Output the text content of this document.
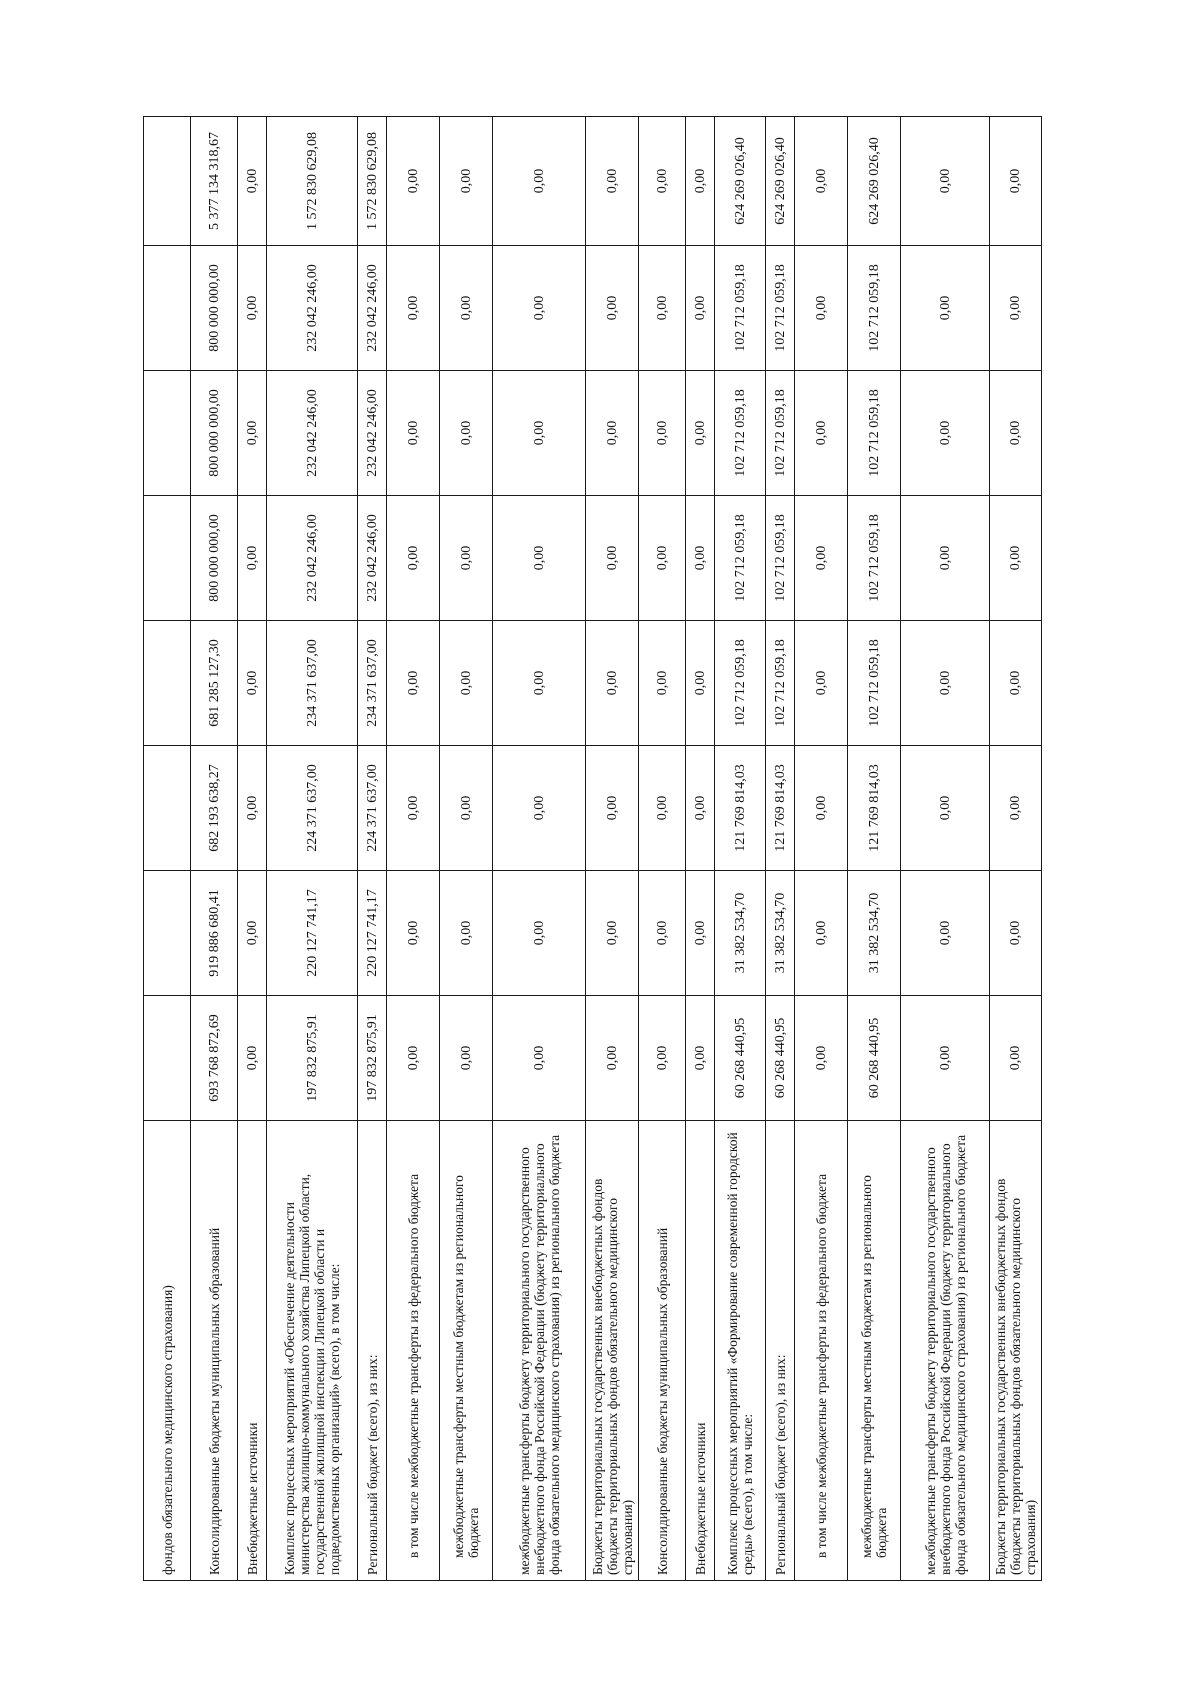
фондов обязательного медицинского страхования)								
Консолидированные бюджеты муниципальных образований	693 768 872,69	919 886 680,41	682 193 638,27	681 285 127,30	800 000 000,00	800 000 000,00	800 000 000,00	5 377 134 318,67
Внебюджетные источники	0,00	0,00	0,00	0,00	0,00	0,00	0,00	0,00
Комплекс процессных мероприятий «Обеспечение деятельности министерства жилищно-коммунального хозяйства Липецкой области, государственной жилищной инспекции Липецкой области и подведомственных организаций» (всего), в том числе:	197 832 875,91	220 127 741,17	224 371 637,00	234 371 637,00	232 042 246,00	232 042 246,00	232 042 246,00	1 572 830 629,08
Региональный бюджет (всего), из них:	197 832 875,91	220 127 741,17	224 371 637,00	234 371 637,00	232 042 246,00	232 042 246,00	232 042 246,00	1 572 830 629,08
в том числе межбюджетные трансферты из федерального бюджета	0,00	0,00	0,00	0,00	0,00	0,00	0,00	0,00
межбюджетные трансферты местным бюджетам из регионального бюджета	0,00	0,00	0,00	0,00	0,00	0,00	0,00	0,00
межбюджетные трансферты бюджету территориального государственного внебюджетного фонда Российской Федерации (бюджету территориального фонда обязательного медицинского страхования) из регионального бюджета	0,00	0,00	0,00	0,00	0,00	0,00	0,00	0,00
Бюджеты территориальных государственных внебюджетных фондов (бюджеты территориальных фондов обязательного медицинского страхования)	0,00	0,00	0,00	0,00	0,00	0,00	0,00	0,00
Консолидированные бюджеты муниципальных образований	0,00	0,00	0,00	0,00	0,00	0,00	0,00	0,00
Внебюджетные источники	0,00	0,00	0,00	0,00	0,00	0,00	0,00	0,00
Комплекс процессных мероприятий «Формирование современной городской среды» (всего), в том числе:	60 268 440,95	31 382 534,70	121 769 814,03	102 712 059,18	102 712 059,18	102 712 059,18	102 712 059,18	624 269 026,40
Региональный бюджет (всего), из них:	60 268 440,95	31 382 534,70	121 769 814,03	102 712 059,18	102 712 059,18	102 712 059,18	102 712 059,18	624 269 026,40
в том числе межбюджетные трансферты из федерального бюджета	0,00	0,00	0,00	0,00	0,00	0,00	0,00	0,00
межбюджетные трансферты местным бюджетам из регионального бюджета	60 268 440,95	31 382 534,70	121 769 814,03	102 712 059,18	102 712 059,18	102 712 059,18	102 712 059,18	624 269 026,40
межбюджетные трансферты бюджету территориального государственного внебюджетного фонда Российской Федерации (бюджету территориального фонда обязательного медицинского страхования) из регионального бюджета	0,00	0,00	0,00	0,00	0,00	0,00	0,00	0,00
Бюджеты территориальных государственных внебюджетных фондов (бюджеты территориальных фондов обязательного медицинского страхования)	0,00	0,00	0,00	0,00	0,00	0,00	0,00	0,00
